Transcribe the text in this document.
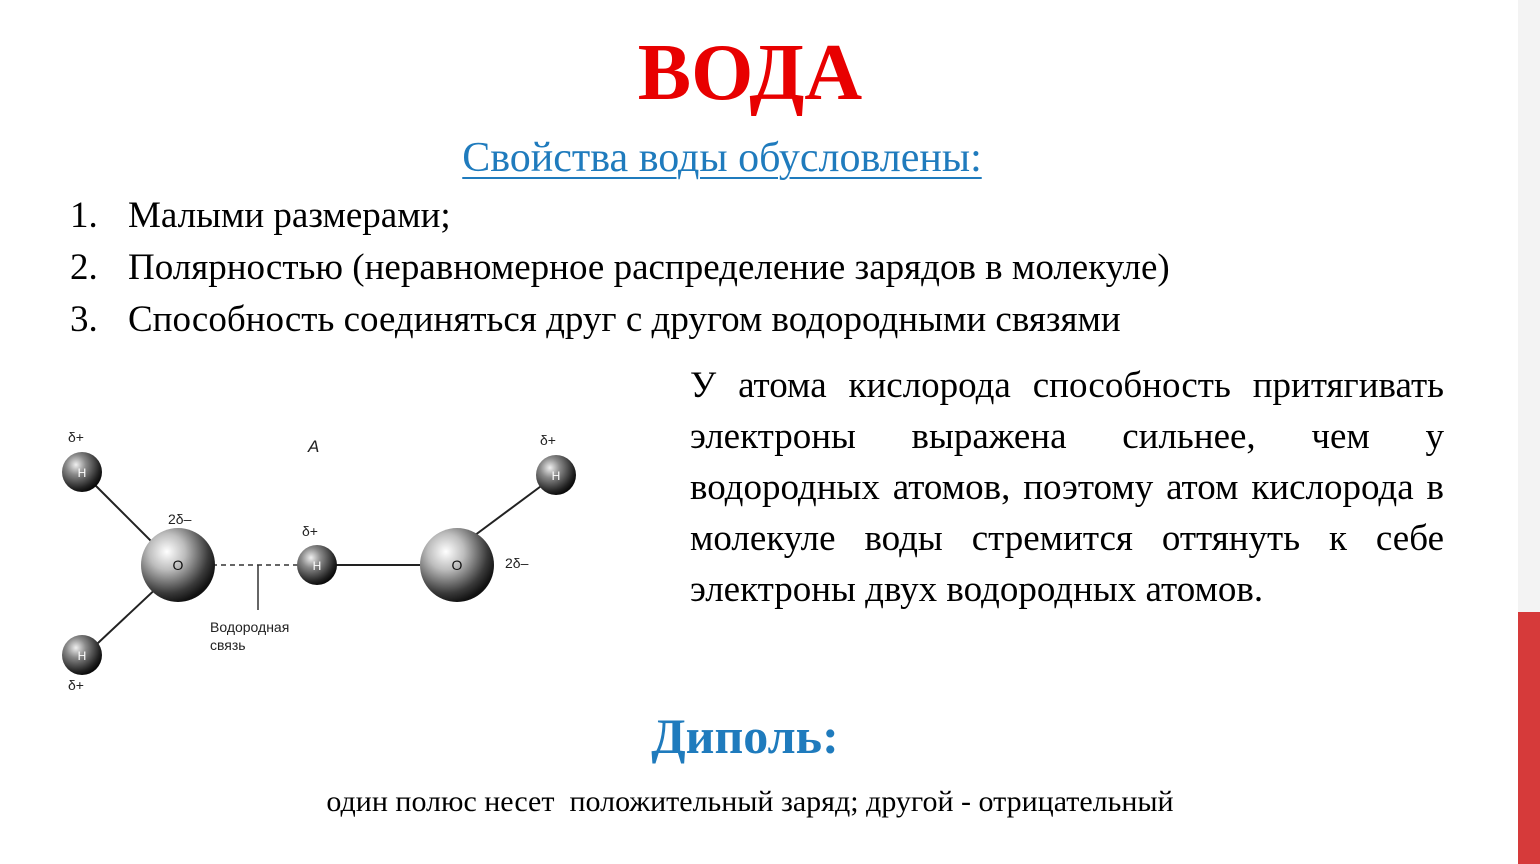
ВОДА
Свойства воды обусловлены:
1. Малыми размерами;
2. Полярностью (неравномерное распределение зарядов в молекуле)
3. Способность соединяться друг с другом водородными связями
У атома кислорода способность притягивать электроны выражена сильнее, чем у водородных атомов, поэтому атом кислорода в молекуле воды стремится оттянуть к себе электроны двух водородных атомов.
O	O
H
H
H
H
δ+
δ+
δ+
δ+
2δ–
2δ–
A
Водородная
связь
Диполь:
один полюс несет  положительный заряд; другой - отрицательный
